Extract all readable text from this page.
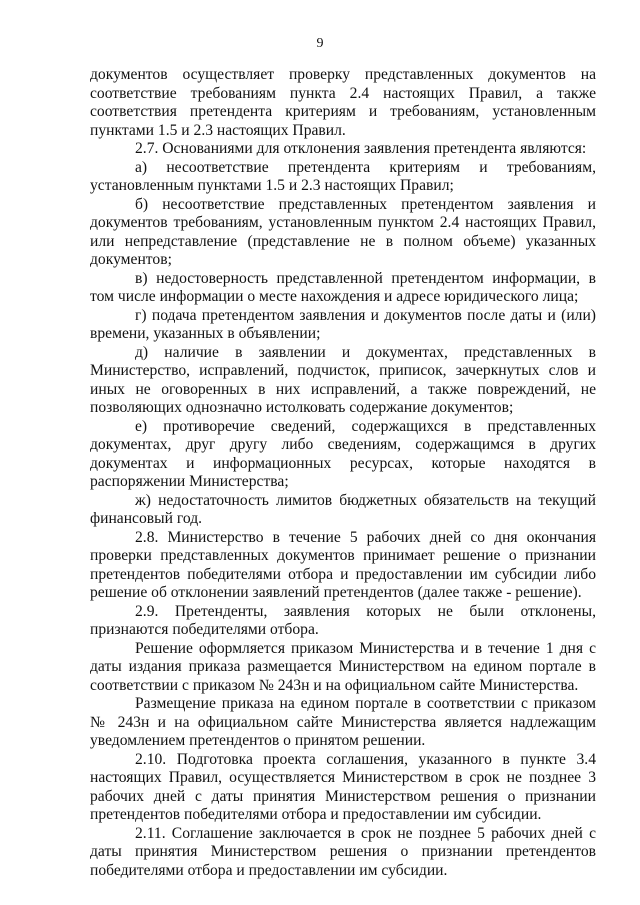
9

документов осуществляет проверку представленных документов на соответствие требованиям пункта 2.4 настоящих Правил, а также соответствия претендента критериям и требованиям, установленным пунктами 1.5 и 2.3 настоящих Правил.

2.7. Основаниями для отклонения заявления претендента являются:

а) несоответствие претендента критериям и требованиям, установленным пунктами 1.5 и 2.3 настоящих Правил;

б) несоответствие представленных претендентом заявления и документов требованиям, установленным пунктом 2.4 настоящих Правил, или непредставление (представление не в полном объеме) указанных документов;

в) недостоверность представленной претендентом информации, в том числе информации о месте нахождения и адресе юридического лица;

г) подача претендентом заявления и документов после даты и (или) времени, указанных в объявлении;

д) наличие в заявлении и документах, представленных в Министерство, исправлений, подчисток, приписок, зачеркнутых слов и иных не оговоренных в них исправлений, а также повреждений, не позволяющих однозначно истолковать содержание документов;

е) противоречие сведений, содержащихся в представленных документах, друг другу либо сведениям, содержащимся в других документах и информационных ресурсах, которые находятся в распоряжении Министерства;

ж) недостаточность лимитов бюджетных обязательств на текущий финансовый год.

2.8. Министерство в течение 5 рабочих дней со дня окончания проверки представленных документов принимает решение о признании претендентов победителями отбора и предоставлении им субсидии либо решение об отклонении заявлений претендентов (далее также - решение).

2.9. Претенденты, заявления которых не были отклонены, признаются победителями отбора.

Решение оформляется приказом Министерства и в течение 1 дня с даты издания приказа размещается Министерством на едином портале в соответствии с приказом № 243н и на официальном сайте Министерства.

Размещение приказа на едином портале в соответствии с приказом № 243н и на официальном сайте Министерства является надлежащим уведомлением претендентов о принятом решении.

2.10. Подготовка проекта соглашения, указанного в пункте 3.4 настоящих Правил, осуществляется Министерством в срок не позднее 3 рабочих дней с даты принятия Министерством решения о признании претендентов победителями отбора и предоставлении им субсидии.

2.11. Соглашение заключается в срок не позднее 5 рабочих дней с даты принятия Министерством решения о признании претендентов победителями отбора и предоставлении им субсидии.
